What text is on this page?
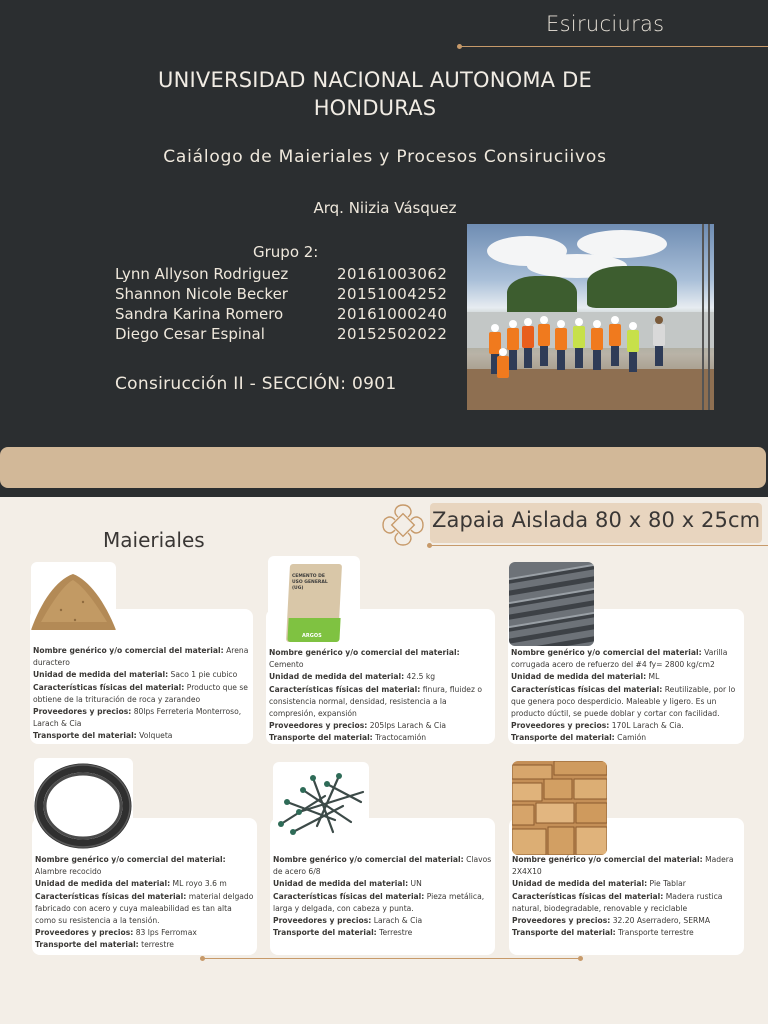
Esiruciuras
UNIVERSIDAD NACIONAL AUTONOMA DE HONDURAS
Caiálogo de Maieriales y Procesos Consiruciivos
Arq. Niizia Vásquez
Grupo 2:
Lynn Allyson Rodriguez	20161003062
Shannon Nicole Becker	20151004252
Sandra Karina Romero	20161000240
Diego Cesar Espinal	20152502022
Consirucción II - SECCIÓN: 0901
Zapaia Aislada 80 x 80 x 25cm
Maieriales
Nombre genérico y/o comercial del material: Arena duractero
Unidad de medida del material: Saco 1 pie cubico
Características físicas del material: Producto que se obtiene de la trituración de roca y zarandeo
Proveedores y precios: 80lps Ferreteria Monterroso, Larach & Cia
Transporte del material: Volqueta
Nombre genérico y/o comercial del material: Cemento
Unidad de medida del material: 42.5 kg
Características físicas del material: finura, fluidez o consistencia normal, densidad, resistencia a la compresión, expansión
Proveedores y precios: 205lps Larach & Cia
Transporte del material: Tractocamión
CEMENTO DE
USO GENERAL (UG)
ARGOS
Nombre genérico y/o comercial del material: Varilla corrugada acero de refuerzo del #4 fy= 2800 kg/cm2
Unidad de medida del material: ML
Características físicas del material: Reutilizable, por lo que genera poco desperdicio. Maleable y ligero. Es un producto dúctil, se puede doblar y cortar con facilidad.
Proveedores y precios: 170L Larach & Cia.
Transporte del material: Camión
Nombre genérico y/o comercial del material: Alambre recocido
Unidad de medida del material: ML royo 3.6 m
Características físicas del material: material delgado fabricado con acero y cuya maleabilidad es tan alta como su resistencia a la tensión.
Proveedores y precios: 83 lps Ferromax
Transporte del material: terrestre
Nombre genérico y/o comercial del material: Clavos de acero 6/8
Unidad de medida del material: UN
Características físicas del material: Pieza metálica, larga y delgada, con cabeza y punta.
Proveedores y precios: Larach & Cia
Transporte del material: Terrestre
Nombre genérico y/o comercial del material: Madera 2X4X10
Unidad de medida del material: Pie Tablar
Características físicas del material: Madera rustica natural, biodegradable, renovable y reciclable
Proveedores y precios: 32.20 Aserradero, SERMA
Transporte del material: Transporte terrestre
